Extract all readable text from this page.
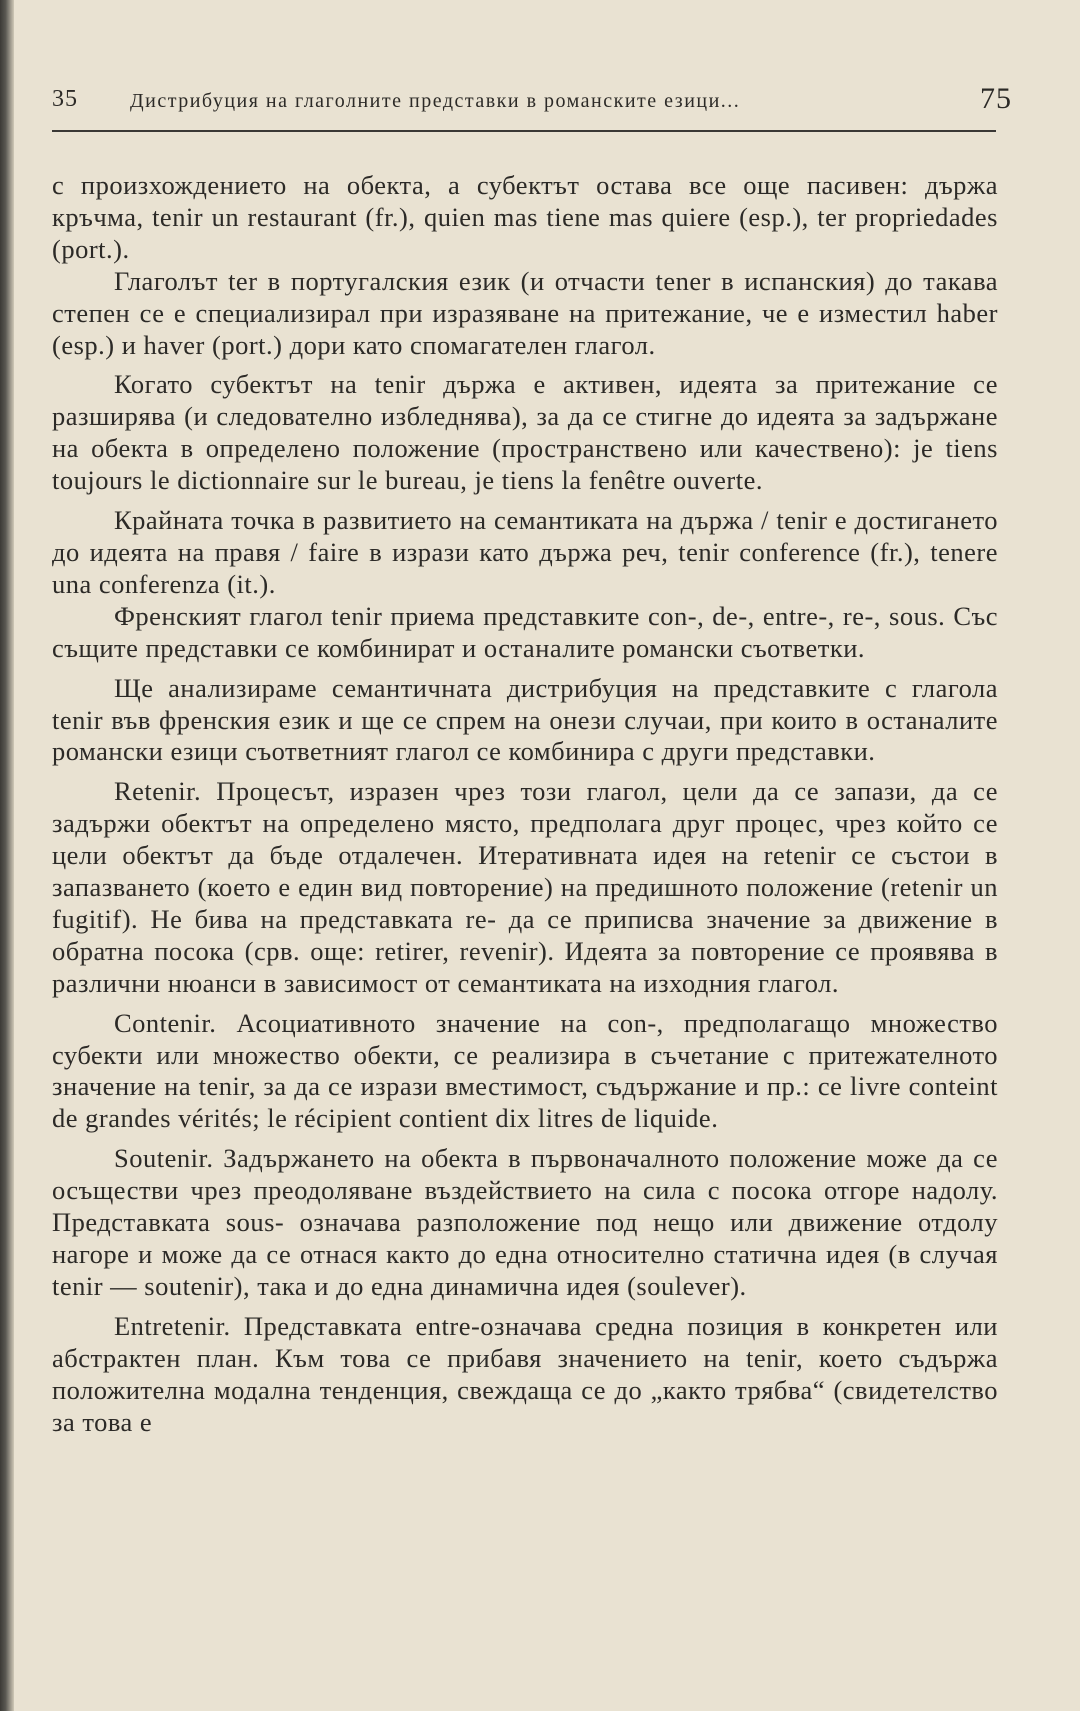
35	Дистрибуция на глаголните представки в романските езици...	75

с произхождението на обекта, а субектът остава все още пасивен: държа кръчма, tenir un restaurant (fr.), quien mas tiene mas quiere (esp.), ter propriedades (port.).

Глаголът ter в португалския език (и отчасти tener в испанския) до такава степен се е специализирал при изразяване на притежание, че е изместил haber (esp.) и haver (port.) дори като спомагателен глагол.

Когато субектът на tenir държа е активен, идеята за притежание се разширява (и следователно избледнява), за да се стигне до идеята за задържане на обекта в определено положение (пространствено или качествено): je tiens toujours le dictionnaire sur le bureau, je tiens la fenêtre ouverte.

Крайната точка в развитието на семантиката на държа / tenir е достигането до идеята на правя / faire в изрази като държа реч, tenir conference (fr.), tenere una conferenza (it.).

Френският глагол tenir приема представките con-, de-, entre-, re-, sous. Със същите представки се комбинират и останалите романски съответки.

Ще анализираме семантичната дистрибуция на представките с глагола tenir във френския език и ще се спрем на онези случаи, при които в останалите романски езици съответният глагол се комбинира с други представки.

Retenir. Процесът, изразен чрез този глагол, цели да се запази, да се задържи обектът на определено място, предполага друг процес, чрез който се цели обектът да бъде отдалечен. Итеративната идея на retenir се състои в запазването (което е един вид повторение) на предишното положение (retenir un fugitif). Не бива на представката re- да се приписва значение за движение в обратна посока (срв. още: retirer, revenir). Идеята за повторение се проявява в различни нюанси в зависимост от семантиката на изходния глагол.

Contenir. Асоциативното значение на con-, предполагащо множество субекти или множество обекти, се реализира в съчетание с притежателното значение на tenir, за да се изрази вместимост, съдържание и пр.: ce livre conteint de grandes vérités; le récipient contient dix litres de liquide.

Soutenir. Задържането на обекта в първоначалното положение може да се осъществи чрез преодоляване въздействието на сила с посока отгоре надолу. Представката sous- означава разположение под нещо или движение отдолу нагоре и може да се отнася както до една относително статична идея (в случая tenir — soutenir), така и до една динамична идея (soulever).

Entretenir. Представката entre-означава средна позиция в конкретен или абстрактен план. Към това се прибавя значението на tenir, което съдържа положителна модална тенденция, свеждаща се до „както трябва“ (свидетелство за това е
